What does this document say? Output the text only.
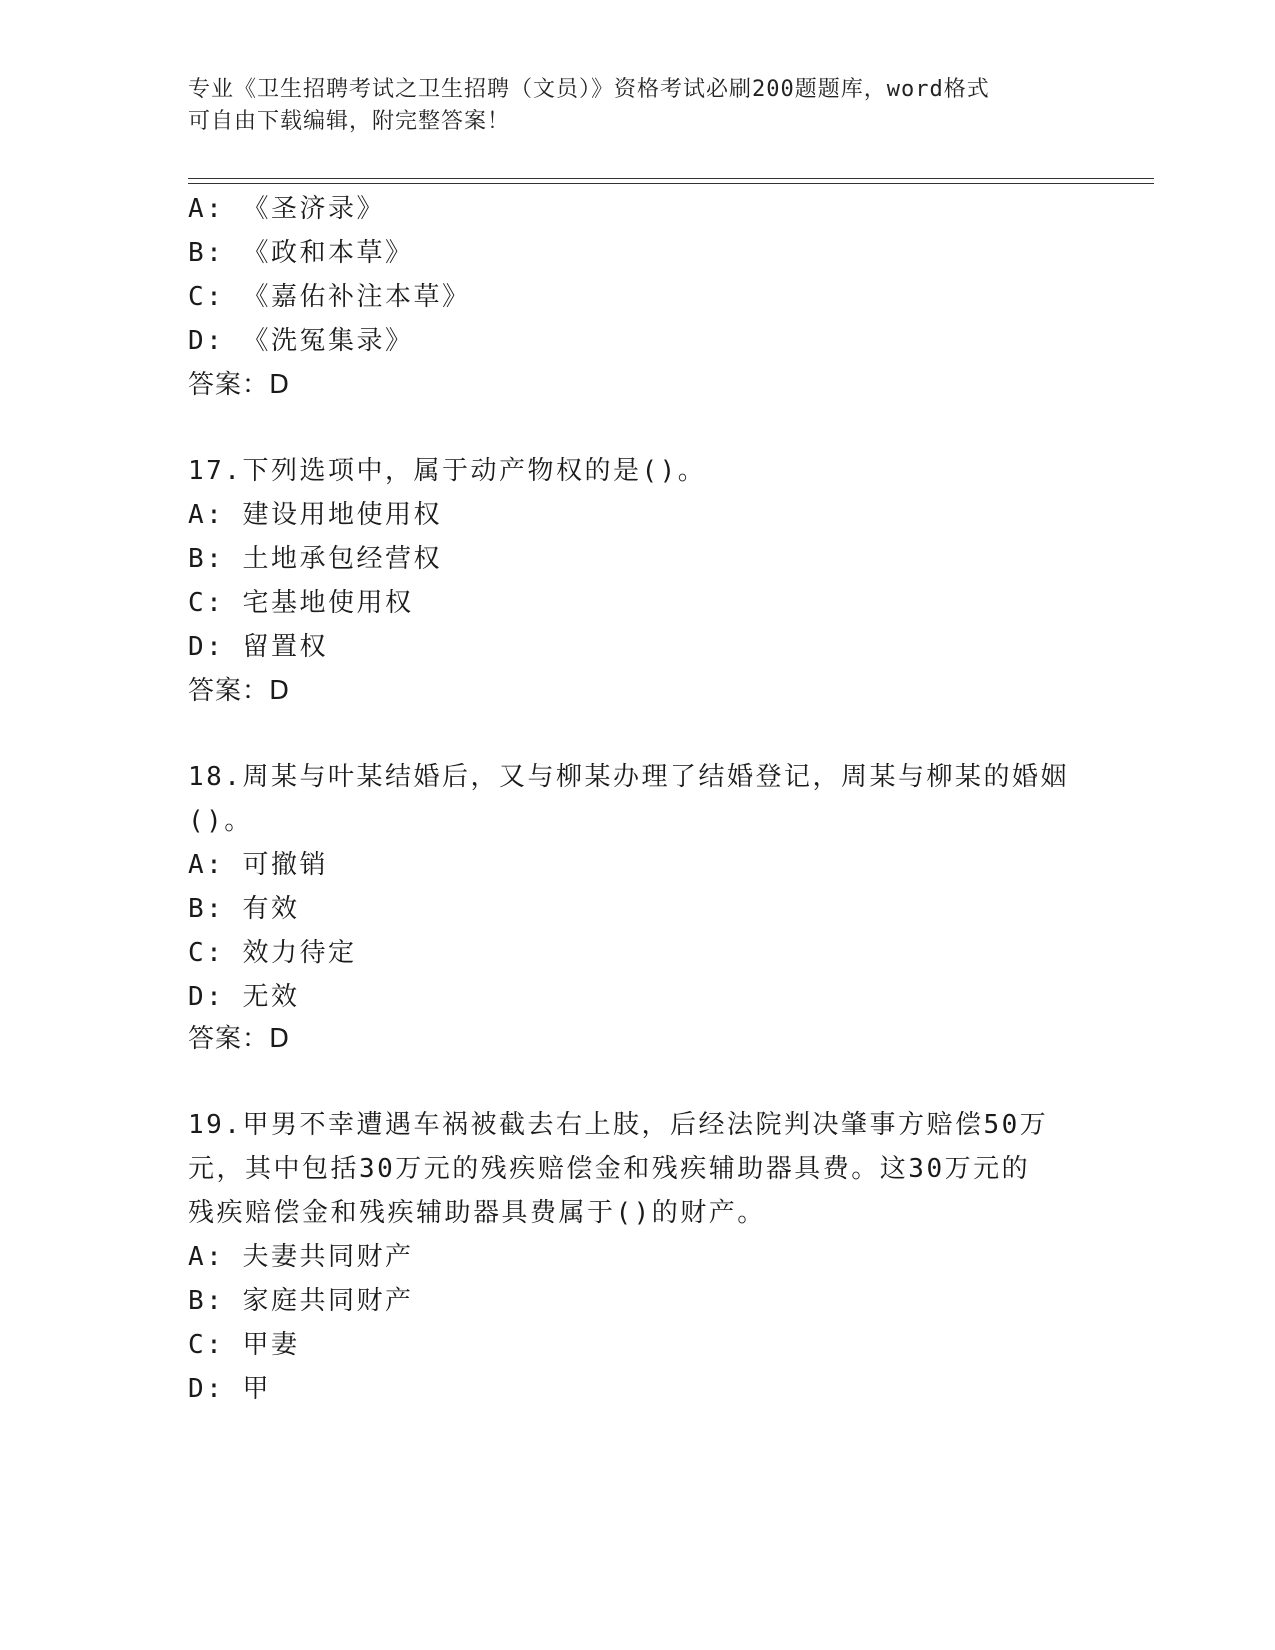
专业《卫生招聘考试之卫生招聘（文员）》资格考试必刷200题题库，word格式
可自由下载编辑，附完整答案！
A: 《圣济录》
B: 《政和本草》
C: 《嘉佑补注本草》
D: 《洗冤集录》
答案：D
17.下列选项中，属于动产物权的是()。
A: 建设用地使用权
B: 土地承包经营权
C: 宅基地使用权
D: 留置权
答案：D
18.周某与叶某结婚后，又与柳某办理了结婚登记，周某与柳某的婚姻
()。
A: 可撤销
B: 有效
C: 效力待定
D: 无效
答案：D
19.甲男不幸遭遇车祸被截去右上肢，后经法院判决肇事方赔偿50万
元，其中包括30万元的残疾赔偿金和残疾辅助器具费。这30万元的
残疾赔偿金和残疾辅助器具费属于()的财产。
A: 夫妻共同财产
B: 家庭共同财产
C: 甲妻
D: 甲
